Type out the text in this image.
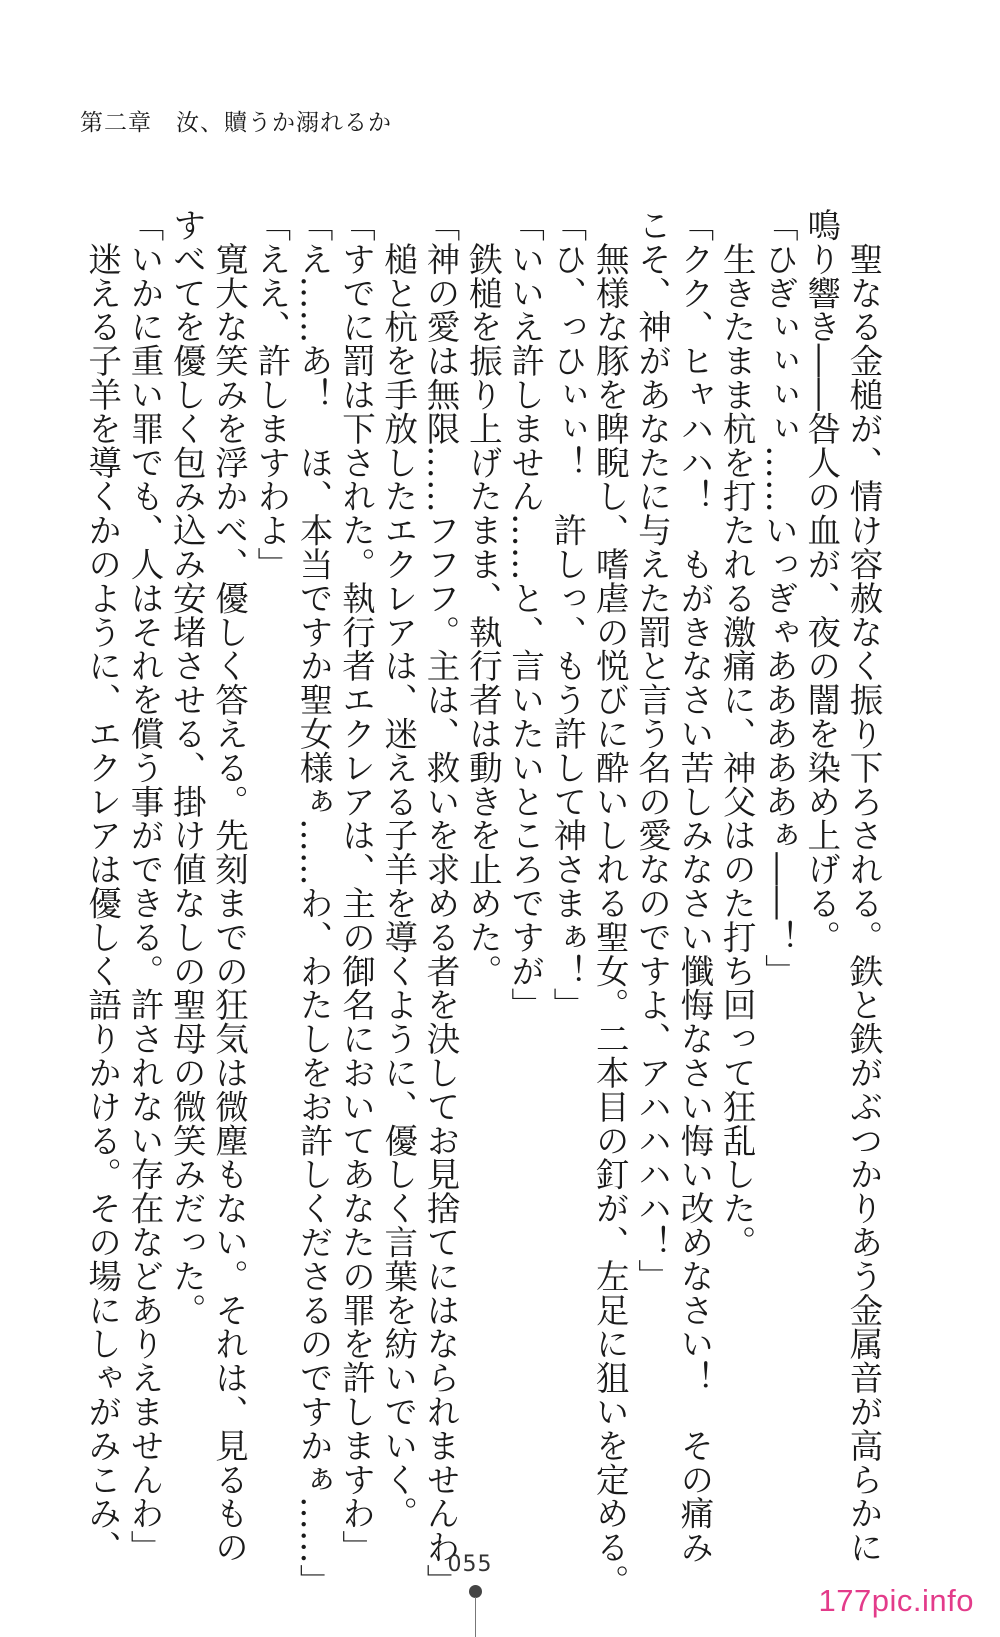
第二章　汝、贖うか溺れるか

　聖なる金槌が、情け容赦なく振り下ろされる。鉄と鉄がぶつかりあう金属音が高らかに

鳴り響き――咎人の血が、夜の闇を染め上げる。

「ひぎぃぃぃぃ……いっぎゃあああああぁ――！」

　生きたまま杭を打たれる激痛に、神父はのた打ち回って狂乱した。

「クク、ヒャハハ！　もがきなさい苦しみなさい懺悔なさい悔い改めなさい！　その痛み

こそ、神があなたに与えた罰と言う名の愛なのですよ、アハハハハ！」

　無様な豚を睥睨し、嗜虐の悦びに酔いしれる聖女。二本目の釘が、左足に狙いを定める。

「ひ、っひぃぃ！　許しっ、もう許して神さまぁ！」

「いいえ許しません……と、言いたいところですが」

　鉄槌を振り上げたまま、執行者は動きを止めた。

「神の愛は無限……フフフ。主は、救いを求める者を決してお見捨てにはなられませんわ」

　槌と杭を手放したエクレアは、迷える子羊を導くように、優しく言葉を紡いでいく。

「すでに罰は下された。執行者エクレアは、主の御名においてあなたの罪を許しますわ」

「え……あ！　ほ、本当ですか聖女様ぁ……わ、わたしをお許しくださるのですかぁ……」

「ええ、許しますわよ」

　寛大な笑みを浮かべ、優しく答える。先刻までの狂気は微塵もない。それは、見るもの

すべてを優しく包み込み安堵させる、掛け値なしの聖母の微笑みだった。

「いかに重い罪でも、人はそれを償う事ができる。許されない存在などありえませんわ」

　迷える子羊を導くかのように、エクレアは優しく語りかける。その場にしゃがみこみ、

055
177pic.info
